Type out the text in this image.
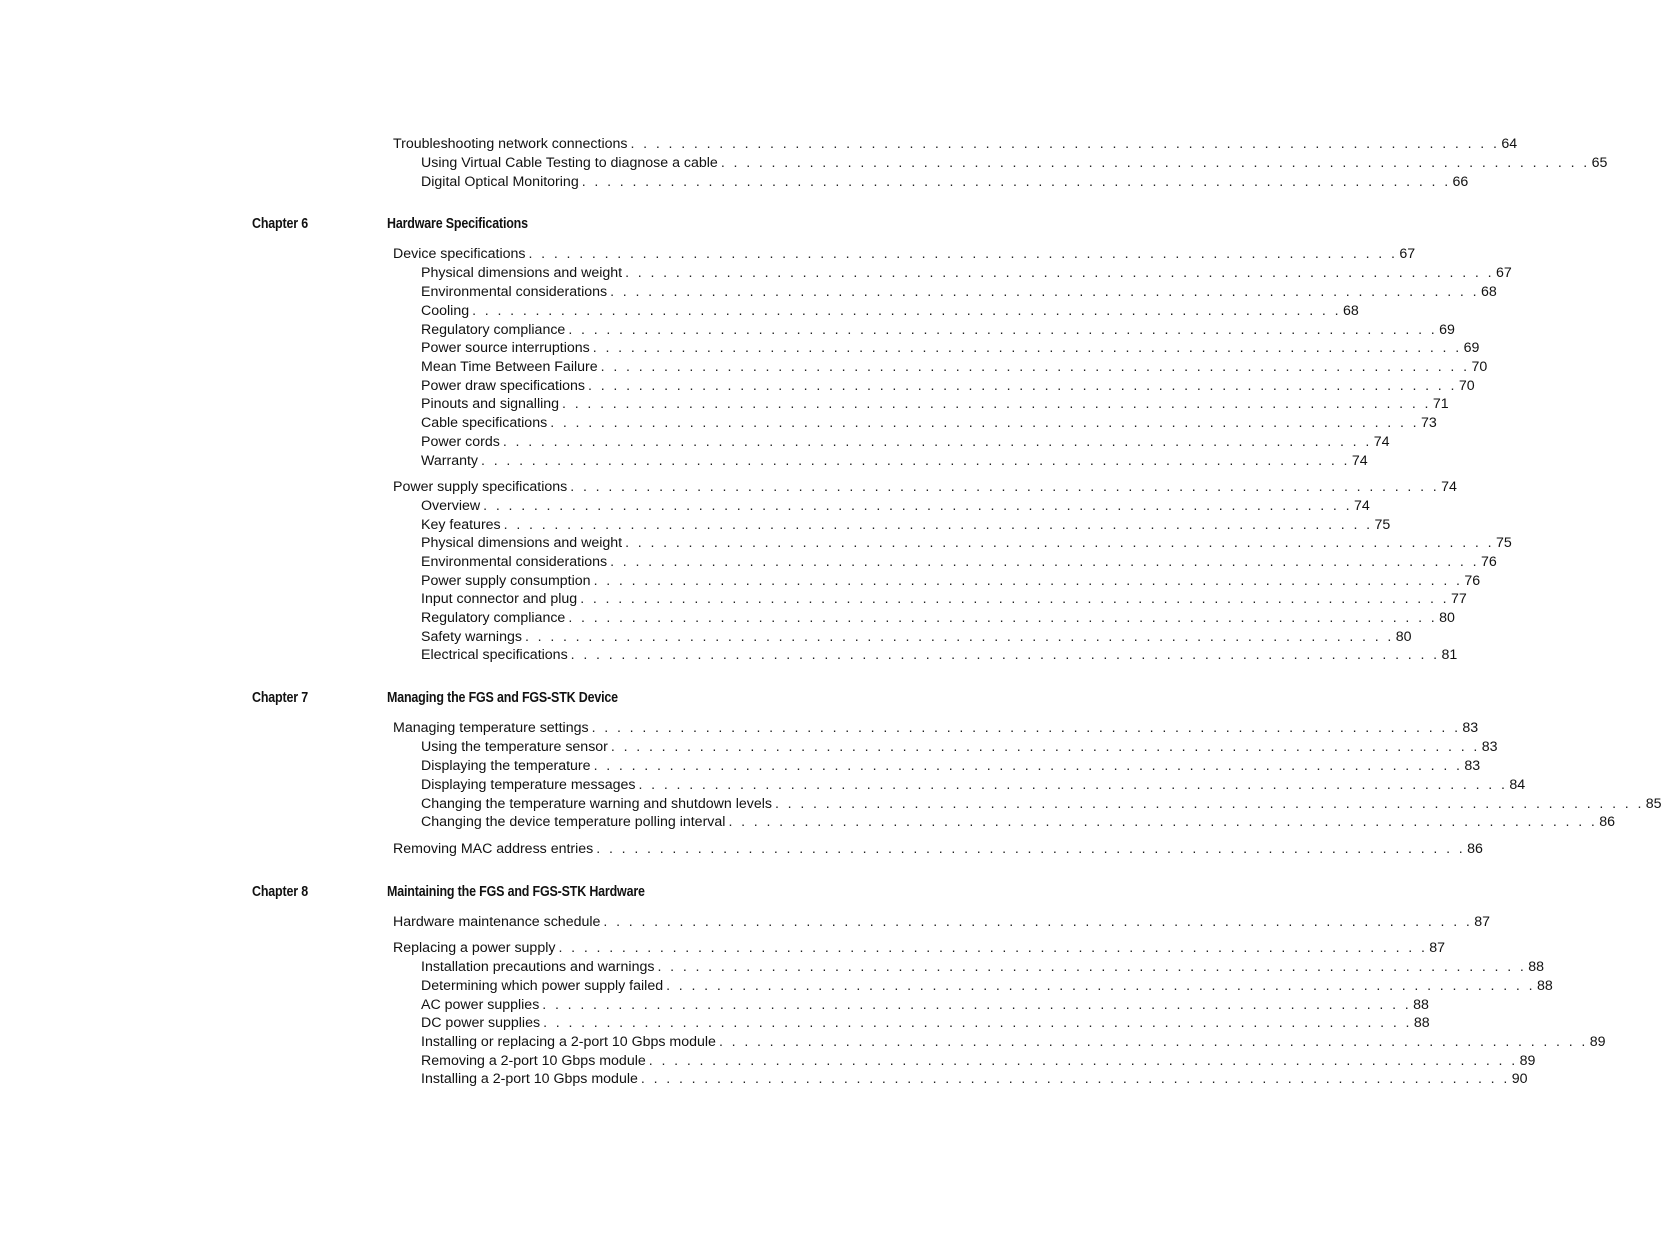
Troubleshooting network connections . . . . . . . . . . . . . . . . . . . . . . . . . . . . . . . . . . . . . . . . . . . . . . . . . . . . . . . . . . . . . . . . . . . . . 64
Using Virtual Cable Testing to diagnose a cable . . . . . . . . . . . . . . . . . . . . . . . . . . . . . . . . . . . . . . . . . . . . . . . . . . . . . . . . . . . . . . . . . . . . . 65
Digital Optical Monitoring . . . . . . . . . . . . . . . . . . . . . . . . . . . . . . . . . . . . . . . . . . . . . . . . . . . . . . . . . . . . . . . . . . . . . 66
Chapter 6	Hardware Specifications
Device specifications . . . . . . . . . . . . . . . . . . . . . . . . . . . . . . . . . . . . . . . . . . . . . . . . . . . . . . . . . . . . . . . . . . . . . 67
Physical dimensions and weight . . . . . . . . . . . . . . . . . . . . . . . . . . . . . . . . . . . . . . . . . . . . . . . . . . . . . . . . . . . . . . . . . . . . . 67
Environmental considerations . . . . . . . . . . . . . . . . . . . . . . . . . . . . . . . . . . . . . . . . . . . . . . . . . . . . . . . . . . . . . . . . . . . . . 68
Cooling . . . . . . . . . . . . . . . . . . . . . . . . . . . . . . . . . . . . . . . . . . . . . . . . . . . . . . . . . . . . . . . . . . . . . 68
Regulatory compliance . . . . . . . . . . . . . . . . . . . . . . . . . . . . . . . . . . . . . . . . . . . . . . . . . . . . . . . . . . . . . . . . . . . . . 69
Power source interruptions . . . . . . . . . . . . . . . . . . . . . . . . . . . . . . . . . . . . . . . . . . . . . . . . . . . . . . . . . . . . . . . . . . . . . 69
Mean Time Between Failure . . . . . . . . . . . . . . . . . . . . . . . . . . . . . . . . . . . . . . . . . . . . . . . . . . . . . . . . . . . . . . . . . . . . . 70
Power draw specifications . . . . . . . . . . . . . . . . . . . . . . . . . . . . . . . . . . . . . . . . . . . . . . . . . . . . . . . . . . . . . . . . . . . . . 70
Pinouts and signalling . . . . . . . . . . . . . . . . . . . . . . . . . . . . . . . . . . . . . . . . . . . . . . . . . . . . . . . . . . . . . . . . . . . . . 71
Cable specifications . . . . . . . . . . . . . . . . . . . . . . . . . . . . . . . . . . . . . . . . . . . . . . . . . . . . . . . . . . . . . . . . . . . . . 73
Power cords . . . . . . . . . . . . . . . . . . . . . . . . . . . . . . . . . . . . . . . . . . . . . . . . . . . . . . . . . . . . . . . . . . . . . 74
Warranty . . . . . . . . . . . . . . . . . . . . . . . . . . . . . . . . . . . . . . . . . . . . . . . . . . . . . . . . . . . . . . . . . . . . . 74
Power supply specifications . . . . . . . . . . . . . . . . . . . . . . . . . . . . . . . . . . . . . . . . . . . . . . . . . . . . . . . . . . . . . . . . . . . . . 74
Overview . . . . . . . . . . . . . . . . . . . . . . . . . . . . . . . . . . . . . . . . . . . . . . . . . . . . . . . . . . . . . . . . . . . . . 74
Key features . . . . . . . . . . . . . . . . . . . . . . . . . . . . . . . . . . . . . . . . . . . . . . . . . . . . . . . . . . . . . . . . . . . . . 75
Physical dimensions and weight . . . . . . . . . . . . . . . . . . . . . . . . . . . . . . . . . . . . . . . . . . . . . . . . . . . . . . . . . . . . . . . . . . . . . 75
Environmental considerations . . . . . . . . . . . . . . . . . . . . . . . . . . . . . . . . . . . . . . . . . . . . . . . . . . . . . . . . . . . . . . . . . . . . . 76
Power supply consumption . . . . . . . . . . . . . . . . . . . . . . . . . . . . . . . . . . . . . . . . . . . . . . . . . . . . . . . . . . . . . . . . . . . . . 76
Input connector and plug . . . . . . . . . . . . . . . . . . . . . . . . . . . . . . . . . . . . . . . . . . . . . . . . . . . . . . . . . . . . . . . . . . . . . 77
Regulatory compliance . . . . . . . . . . . . . . . . . . . . . . . . . . . . . . . . . . . . . . . . . . . . . . . . . . . . . . . . . . . . . . . . . . . . . 80
Safety warnings . . . . . . . . . . . . . . . . . . . . . . . . . . . . . . . . . . . . . . . . . . . . . . . . . . . . . . . . . . . . . . . . . . . . . 80
Electrical specifications . . . . . . . . . . . . . . . . . . . . . . . . . . . . . . . . . . . . . . . . . . . . . . . . . . . . . . . . . . . . . . . . . . . . . 81
Chapter 7	Managing the FGS and FGS-STK Device
Managing temperature settings . . . . . . . . . . . . . . . . . . . . . . . . . . . . . . . . . . . . . . . . . . . . . . . . . . . . . . . . . . . . . . . . . . . . . 83
Using the temperature sensor . . . . . . . . . . . . . . . . . . . . . . . . . . . . . . . . . . . . . . . . . . . . . . . . . . . . . . . . . . . . . . . . . . . . . 83
Displaying the temperature . . . . . . . . . . . . . . . . . . . . . . . . . . . . . . . . . . . . . . . . . . . . . . . . . . . . . . . . . . . . . . . . . . . . . 83
Displaying temperature messages . . . . . . . . . . . . . . . . . . . . . . . . . . . . . . . . . . . . . . . . . . . . . . . . . . . . . . . . . . . . . . . . . . . . . 84
Changing the temperature warning and shutdown levels . . . . . . . . . . . . . . . . . . . . . . . . . . . . . . . . . . . . . . . . . . . . . . . . . . . . . . . . . . . . . . . . . . . . . 85
Changing the device temperature polling interval . . . . . . . . . . . . . . . . . . . . . . . . . . . . . . . . . . . . . . . . . . . . . . . . . . . . . . . . . . . . . . . . . . . . . 86
Removing MAC address entries . . . . . . . . . . . . . . . . . . . . . . . . . . . . . . . . . . . . . . . . . . . . . . . . . . . . . . . . . . . . . . . . . . . . . 86
Chapter 8	Maintaining the FGS and FGS-STK Hardware
Hardware maintenance schedule . . . . . . . . . . . . . . . . . . . . . . . . . . . . . . . . . . . . . . . . . . . . . . . . . . . . . . . . . . . . . . . . . . . . . 87
Replacing a power supply . . . . . . . . . . . . . . . . . . . . . . . . . . . . . . . . . . . . . . . . . . . . . . . . . . . . . . . . . . . . . . . . . . . . . 87
Installation precautions and warnings . . . . . . . . . . . . . . . . . . . . . . . . . . . . . . . . . . . . . . . . . . . . . . . . . . . . . . . . . . . . . . . . . . . . . 88
Determining which power supply failed . . . . . . . . . . . . . . . . . . . . . . . . . . . . . . . . . . . . . . . . . . . . . . . . . . . . . . . . . . . . . . . . . . . . . 88
AC power supplies . . . . . . . . . . . . . . . . . . . . . . . . . . . . . . . . . . . . . . . . . . . . . . . . . . . . . . . . . . . . . . . . . . . . . 88
DC power supplies . . . . . . . . . . . . . . . . . . . . . . . . . . . . . . . . . . . . . . . . . . . . . . . . . . . . . . . . . . . . . . . . . . . . . 88
Installing or replacing a 2-port 10 Gbps module . . . . . . . . . . . . . . . . . . . . . . . . . . . . . . . . . . . . . . . . . . . . . . . . . . . . . . . . . . . . . . . . . . . . . 89
Removing a 2-port 10 Gbps module . . . . . . . . . . . . . . . . . . . . . . . . . . . . . . . . . . . . . . . . . . . . . . . . . . . . . . . . . . . . . . . . . . . . . 89
Installing a 2-port 10 Gbps module . . . . . . . . . . . . . . . . . . . . . . . . . . . . . . . . . . . . . . . . . . . . . . . . . . . . . . . . . . . . . . . . . . . . . 90
